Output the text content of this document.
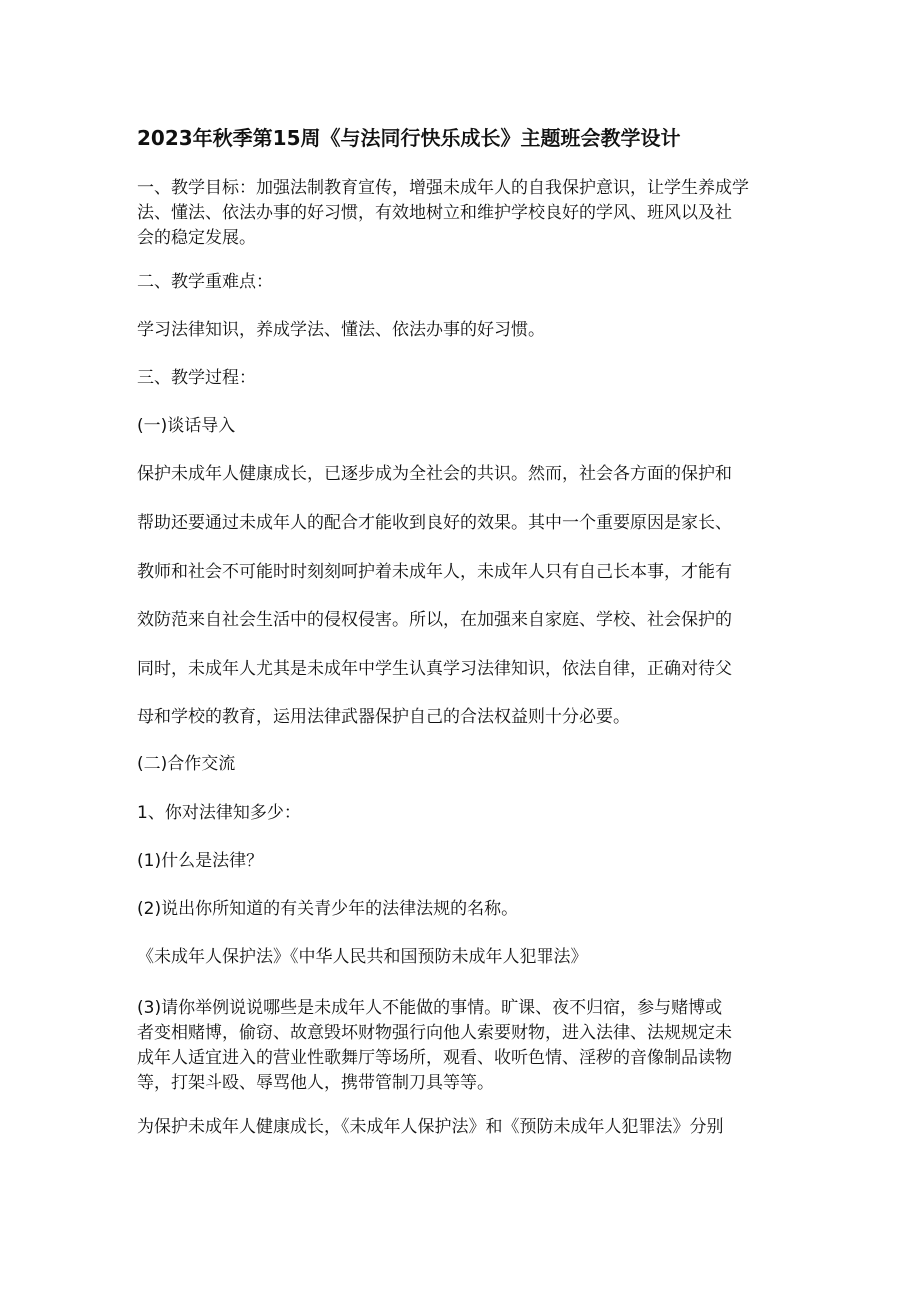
2023年秋季第15周《与法同行快乐成长》主题班会教学设计
一、教学目标：加强法制教育宣传，增强未成年人的自我保护意识，让学生养成学
法、懂法、依法办事的好习惯，有效地树立和维护学校良好的学风、班风以及社
会的稳定发展。
二、教学重难点：
学习法律知识，养成学法、懂法、依法办事的好习惯。
三、教学过程：
(一)谈话导入
保护未成年人健康成长，已逐步成为全社会的共识。然而，社会各方面的保护和
帮助还要通过未成年人的配合才能收到良好的效果。其中一个重要原因是家长、
教师和社会不可能时时刻刻呵护着未成年人，未成年人只有自己长本事，才能有
效防范来自社会生活中的侵权侵害。所以，在加强来自家庭、学校、社会保护的
同时，未成年人尤其是未成年中学生认真学习法律知识，依法自律，正确对待父
母和学校的教育，运用法律武器保护自己的合法权益则十分必要。
(二)合作交流
1、你对法律知多少：
(1)什么是法律？
(2)说出你所知道的有关青少年的法律法规的名称。
《未成年人保护法》《中华人民共和国预防未成年人犯罪法》
(3)请你举例说说哪些是未成年人不能做的事情。旷课、夜不归宿，参与赌博或
者变相赌博，偷窃、故意毁坏财物强行向他人索要财物，进入法律、法规规定未
成年人适宜进入的营业性歌舞厅等场所，观看、收听色情、淫秽的音像制品读物
等，打架斗殴、辱骂他人，携带管制刀具等等。
为保护未成年人健康成长，《未成年人保护法》和《预防未成年人犯罪法》分别
